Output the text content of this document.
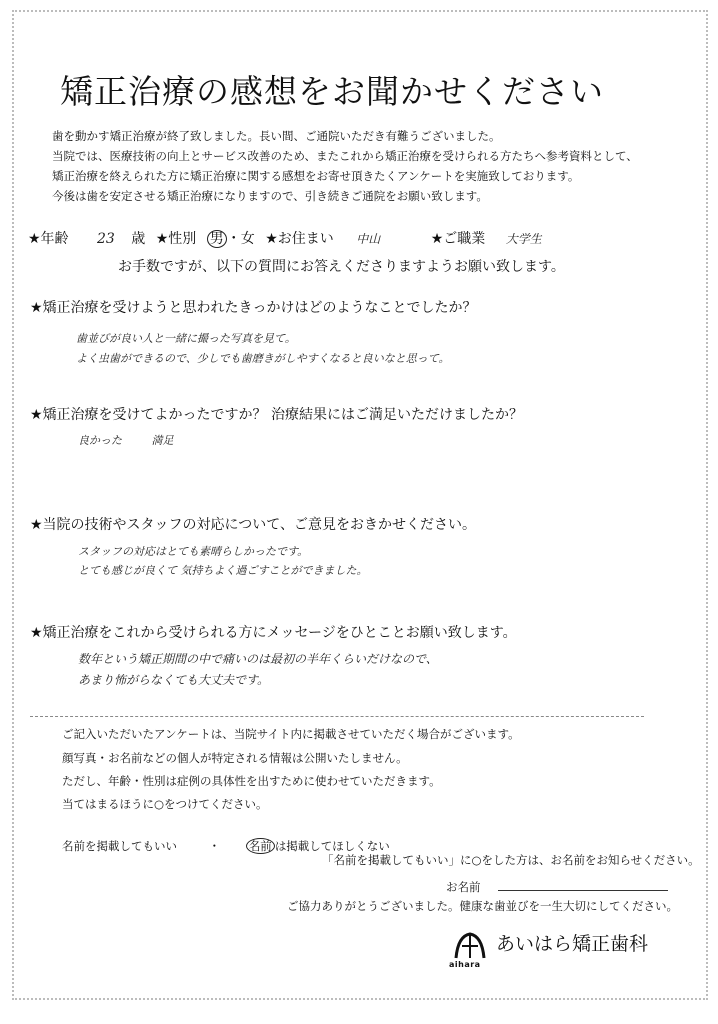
矯正治療の感想をお聞かせください
歯を動かす矯正治療が終了致しました。長い間、ご通院いただき有難うございました。
当院では、医療技術の向上とサービス改善のため、またこれから矯正治療を受けられる方たちへ参考資料として、
矯正治療を終えられた方に矯正治療に関する感想をお寄せ頂きたくアンケートを実施致しております。
今後は歯を安定させる矯正治療になりますので、引き続きご通院をお願い致します。
★年齢 23 歳 ★性別 男 ・女 ★お住まい 中山	★ご職業 大学生
お手数ですが、以下の質問にお答えくださりますようお願い致します。
★矯正治療を受けようと思われたきっかけはどのようなことでしたか？
歯並びが良い人と一緒に撮った写真を見て。
よく虫歯ができるので、少しでも歯磨きがしやすくなると良いなと思って。
★矯正治療を受けてよかったですか？ 治療結果にはご満足いただけましたか？
良かった 満足
★当院の技術やスタッフの対応について、ご意見をおきかせください。
スタッフの対応はとても素晴らしかったです。
とても感じが良くて 気持ちよく過ごすことができました。
★矯正治療をこれから受けられる方にメッセージをひとことお願い致します。
数年という矯正期間の中で痛いのは最初の半年くらいだけなので、
あまり怖がらなくても大丈夫です。
ご記入いただいたアンケートは、当院サイト内に掲載させていただく場合がございます。
顔写真・お名前などの個人が特定される情報は公開いたしません。
ただし、年齢・性別は症例の具体性を出すために使わせていただきます。
当てはまるほうに○をつけてください。
名前を掲載してもいい	・ 名前 は掲載してほしくない
「名前を掲載してもいい」に○をした方は、お名前をお知らせください。
お名前
ご協力ありがとうございました。健康な歯並びを一生大切にしてください。
aihara
あいはら矯正歯科
